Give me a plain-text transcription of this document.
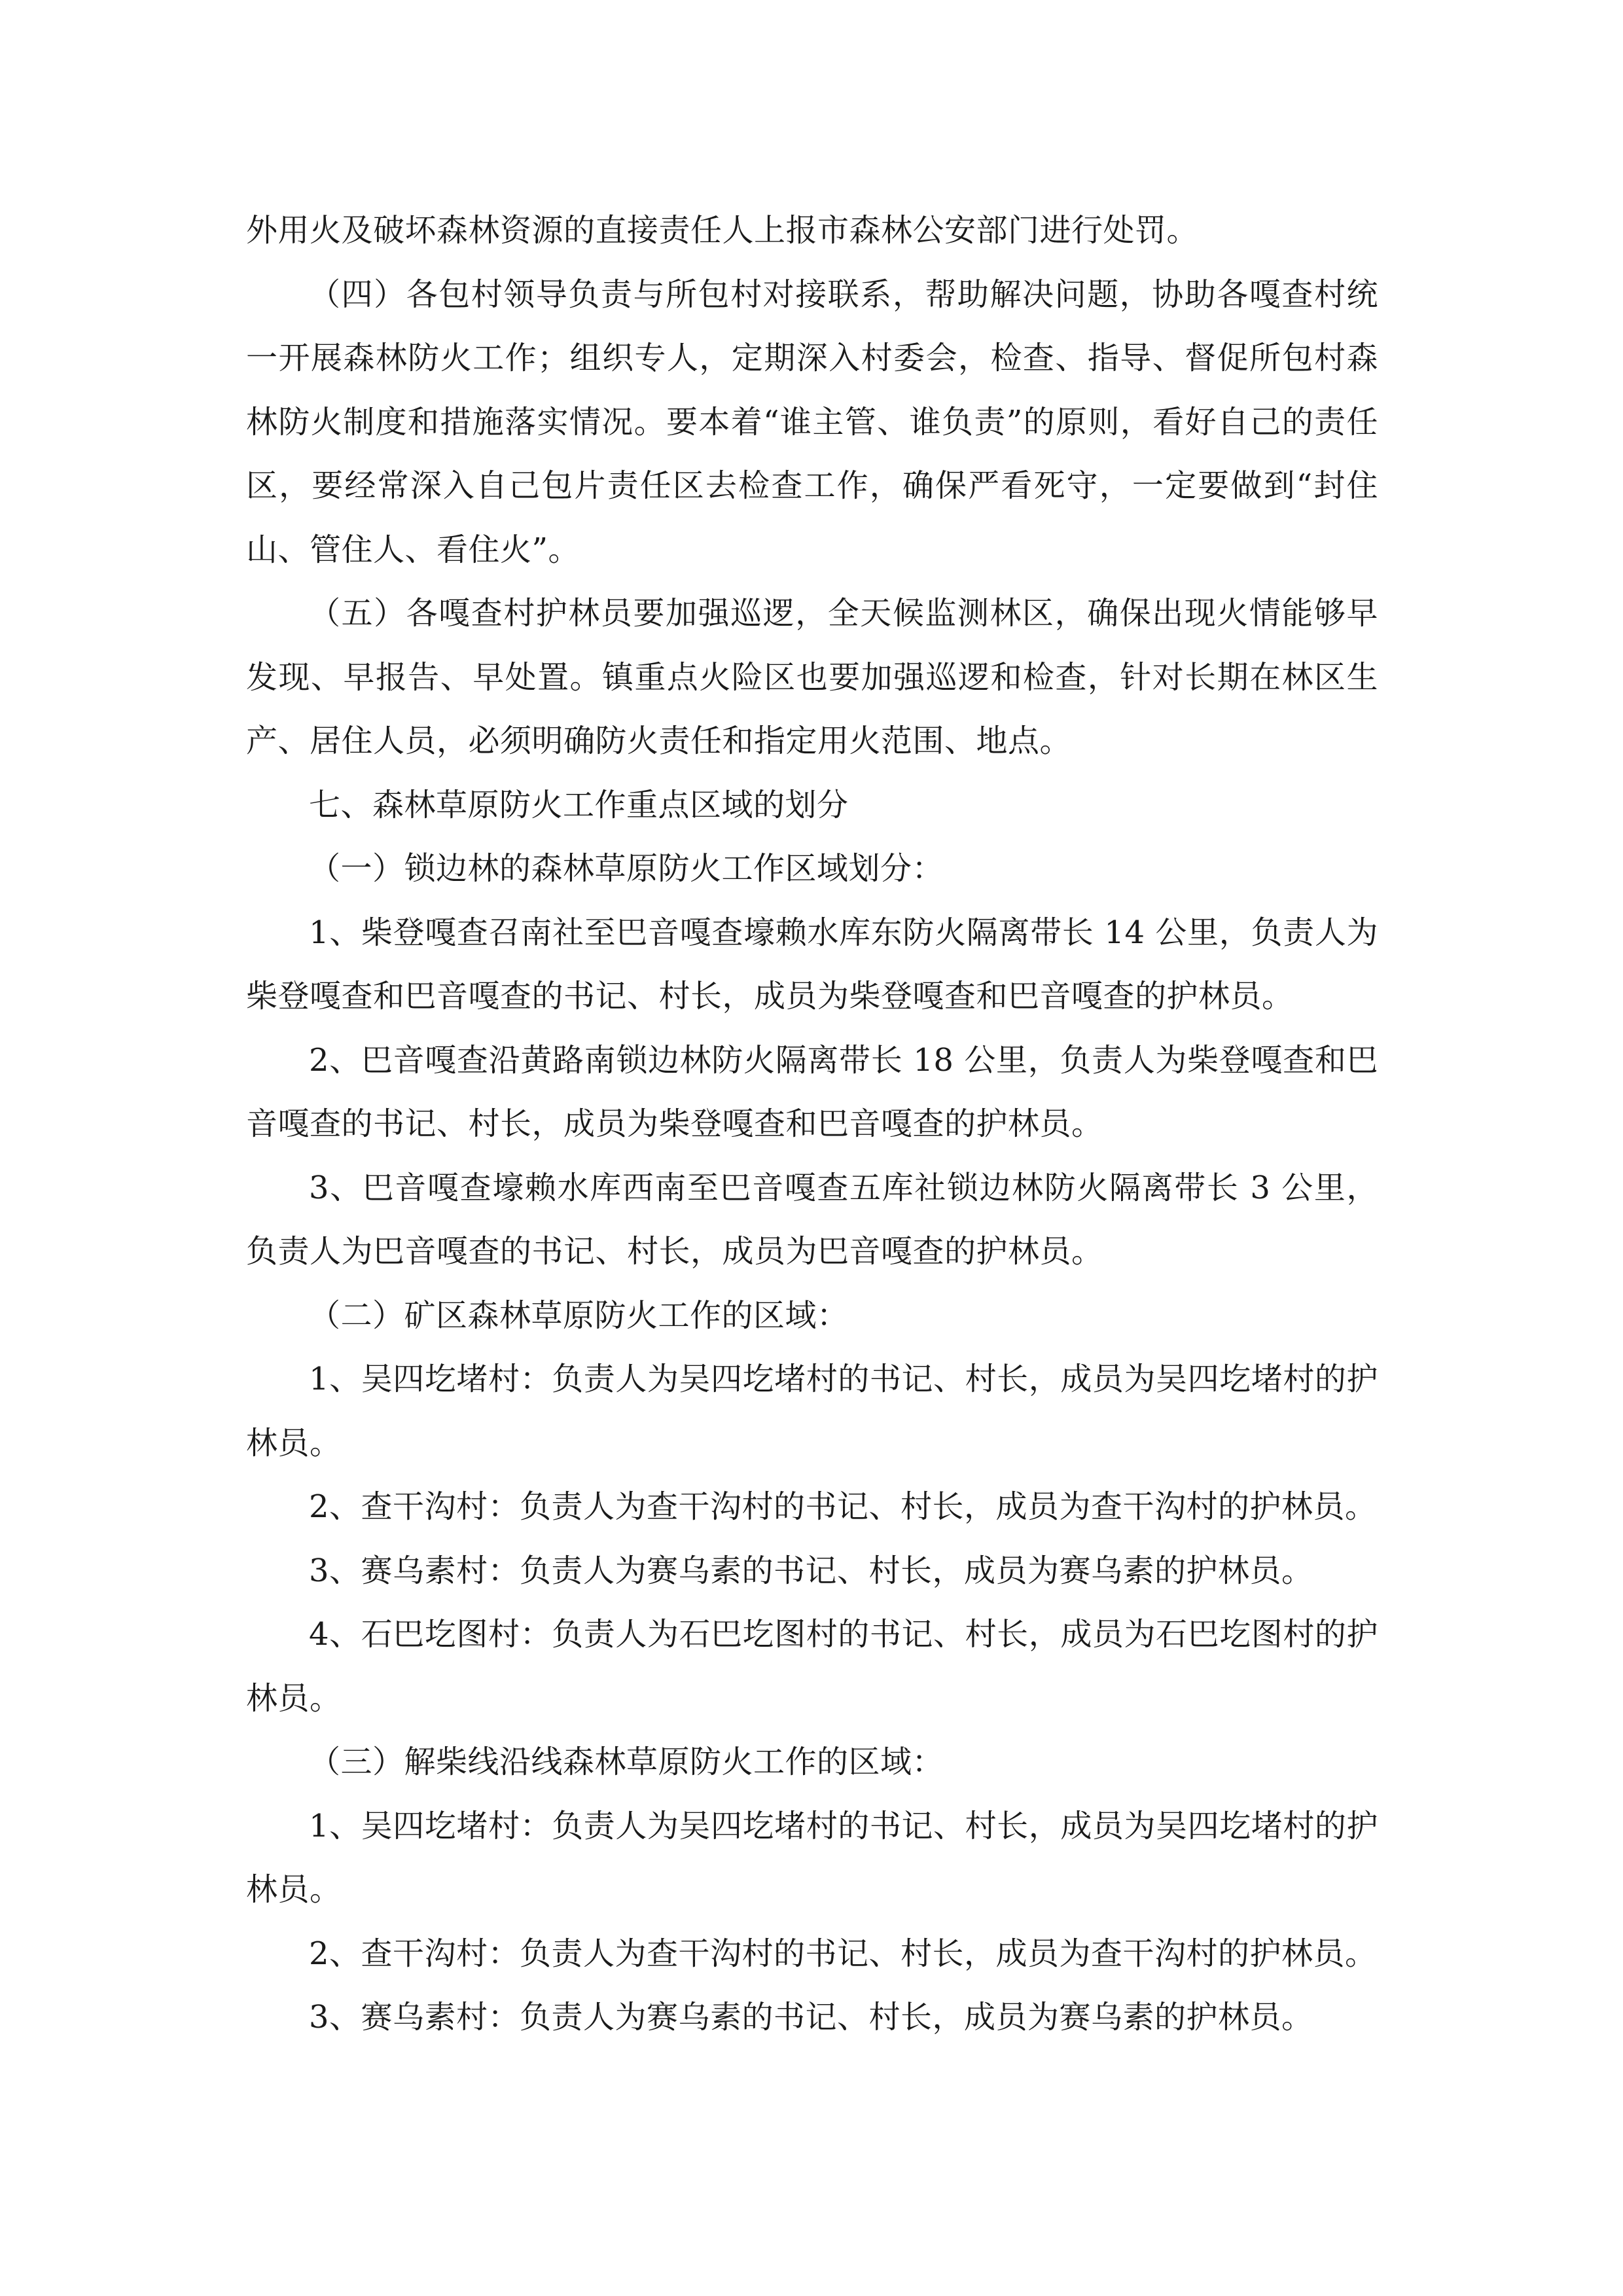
外用火及破坏森林资源的直接责任人上报市森林公安部门进行处罚。

（四）各包村领导负责与所包村对接联系，帮助解决问题，协助各嘎查村统一开展森林防火工作；组织专人，定期深入村委会，检查、指导、督促所包村森林防火制度和措施落实情况。要本着“谁主管、谁负责”的原则，看好自己的责任区，要经常深入自己包片责任区去检查工作，确保严看死守，一定要做到“封住山、管住人、看住火”。

（五）各嘎查村护林员要加强巡逻，全天候监测林区，确保出现火情能够早发现、早报告、早处置。镇重点火险区也要加强巡逻和检查，针对长期在林区生产、居住人员，必须明确防火责任和指定用火范围、地点。

七、森林草原防火工作重点区域的划分

（一）锁边林的森林草原防火工作区域划分：

1、柴登嘎查召南社至巴音嘎查壕赖水库东防火隔离带长 14 公里，负责人为柴登嘎查和巴音嘎查的书记、村长，成员为柴登嘎查和巴音嘎查的护林员。

2、巴音嘎查沿黄路南锁边林防火隔离带长 18 公里，负责人为柴登嘎查和巴音嘎查的书记、村长，成员为柴登嘎查和巴音嘎查的护林员。

3、巴音嘎查壕赖水库西南至巴音嘎查五库社锁边林防火隔离带长 3 公里，负责人为巴音嘎查的书记、村长，成员为巴音嘎查的护林员。

（二）矿区森林草原防火工作的区域：

1、吴四圪堵村：负责人为吴四圪堵村的书记、村长，成员为吴四圪堵村的护林员。

2、查干沟村：负责人为查干沟村的书记、村长，成员为查干沟村的护林员。

3、赛乌素村：负责人为赛乌素的书记、村长，成员为赛乌素的护林员。

4、石巴圪图村：负责人为石巴圪图村的书记、村长，成员为石巴圪图村的护林员。

（三）解柴线沿线森林草原防火工作的区域：

1、吴四圪堵村：负责人为吴四圪堵村的书记、村长，成员为吴四圪堵村的护林员。

2、查干沟村：负责人为查干沟村的书记、村长，成员为查干沟村的护林员。

3、赛乌素村：负责人为赛乌素的书记、村长，成员为赛乌素的护林员。
